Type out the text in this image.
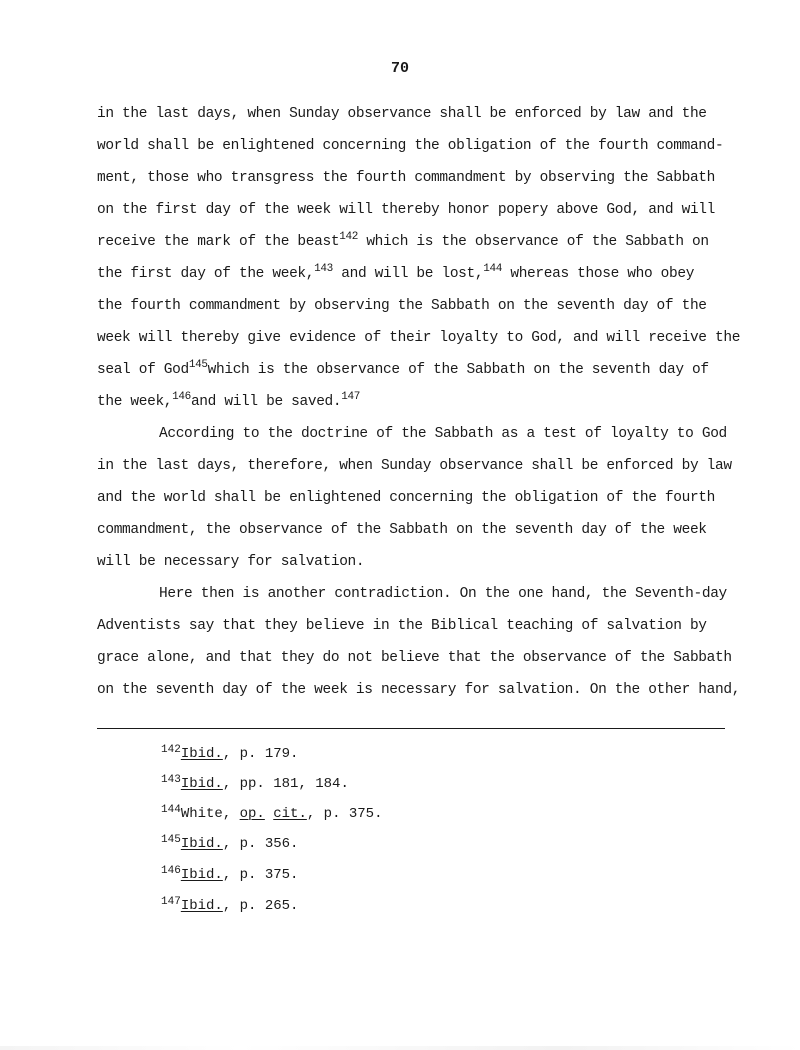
70
in the last days, when Sunday observance shall be enforced by law and the
world shall be enlightened concerning the obligation of the fourth command-
ment, those who transgress the fourth commandment by observing the Sabbath
on the first day of the week will thereby honor popery above God, and will
receive the mark of the beast$^{142}$ which is the observance of the Sabbath on
the first day of the week,$^{143}$ and will be lost,$^{144}$ whereas those who obey
the fourth commandment by observing the Sabbath on the seventh day of the
week will thereby give evidence of their loyalty to God, and will receive the
seal of God$^{145}$which is the observance of the Sabbath on the seventh day of
the week,$^{146}$and will be saved.$^{147}$
According to the doctrine of the Sabbath as a test of loyalty to God
in the last days, therefore, when Sunday observance shall be enforced by law
and the world shall be enlightened concerning the obligation of the fourth
commandment, the observance of the Sabbath on the seventh day of the week
will be necessary for salvation.
Here then is another contradiction. On the one hand, the Seventh-day
Adventists say that they believe in the Biblical teaching of salvation by
grace alone, and that they do not believe that the observance of the Sabbath
on the seventh day of the week is necessary for salvation. On the other hand,
$^{142}$Ibid., p. 179.
$^{143}$Ibid., pp. 181, 184.
$^{144}$White, op. cit., p. 375.
$^{145}$Ibid., p. 356.
$^{146}$Ibid., p. 375.
$^{147}$Ibid., p. 265.
